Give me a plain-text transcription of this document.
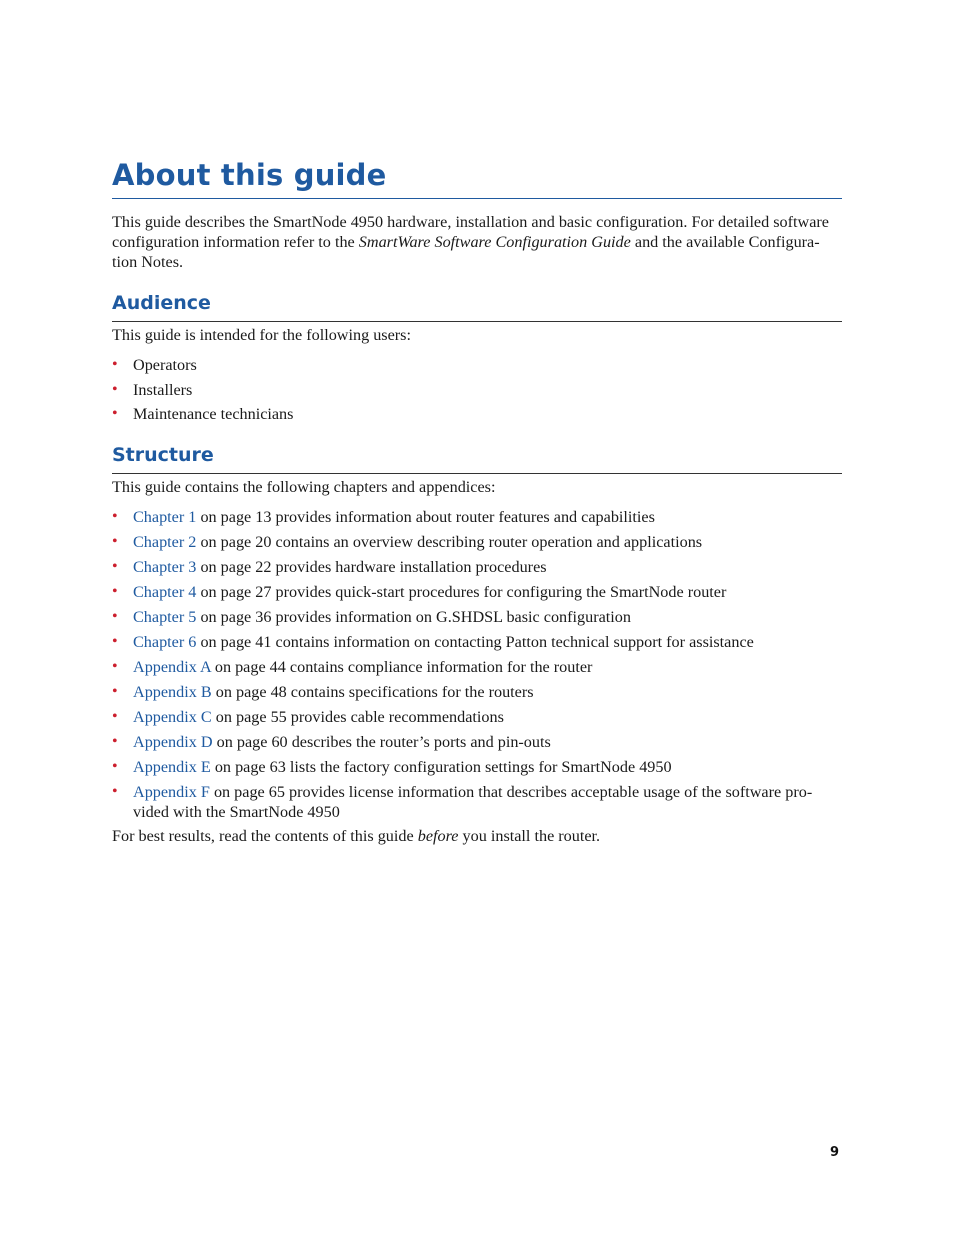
About this guide

This guide describes the SmartNode 4950 hardware, installation and basic configuration. For detailed software configuration information refer to the SmartWare Software Configuration Guide and the available Configura-tion Notes.

Audience

This guide is intended for the following users:

• Operators
• Installers
• Maintenance technicians
Structure

This guide contains the following chapters and appendices:

• Chapter 1 on page 13 provides information about router features and capabilities
• Chapter 2 on page 20 contains an overview describing router operation and applications
• Chapter 3 on page 22 provides hardware installation procedures
• Chapter 4 on page 27 provides quick-start procedures for configuring the SmartNode router
• Chapter 5 on page 36 provides information on G.SHDSL basic configuration
• Chapter 6 on page 41 contains information on contacting Patton technical support for assistance
• Appendix A on page 44 contains compliance information for the router
• Appendix B on page 48 contains specifications for the routers
• Appendix C on page 55 provides cable recommendations
• Appendix D on page 60 describes the router’s ports and pin-outs
• Appendix E on page 63 lists the factory configuration settings for SmartNode 4950
• Appendix F on page 65 provides license information that describes acceptable usage of the software pro-vided with the SmartNode 4950

For best results, read the contents of this guide before you install the router.

9
